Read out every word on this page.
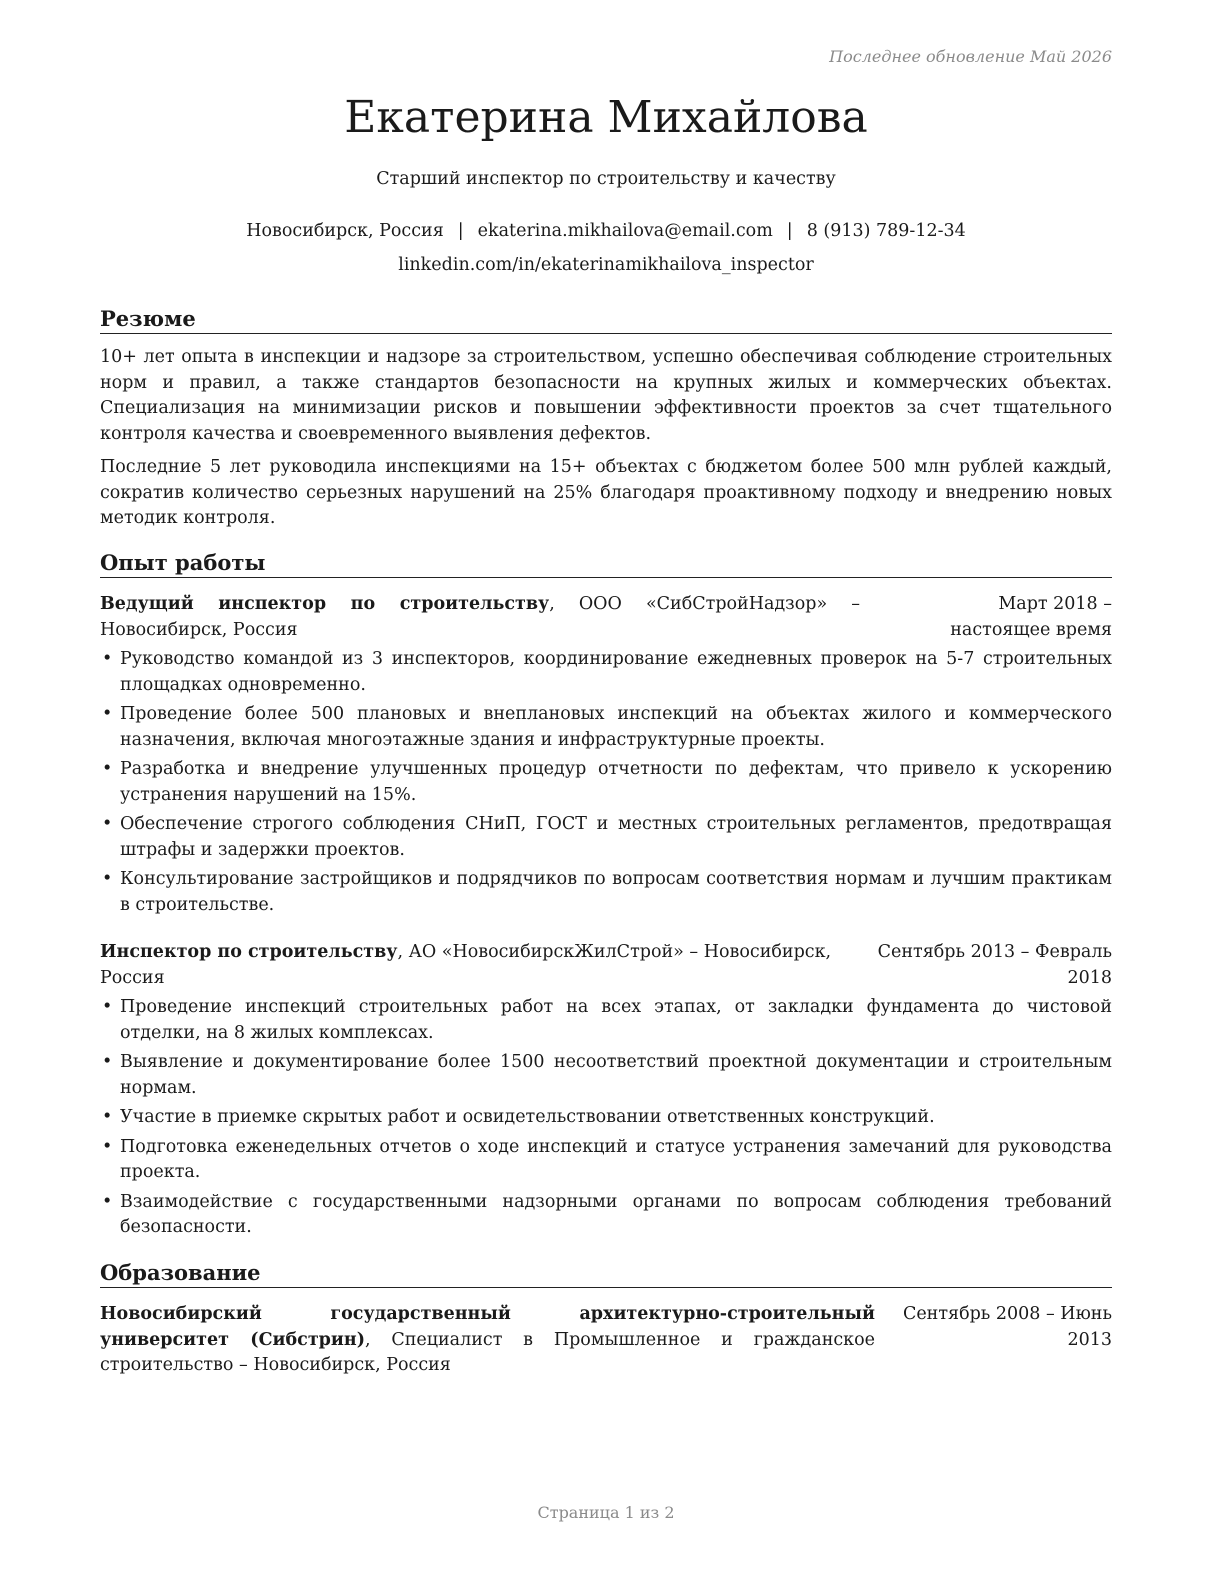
Последнее обновление Май 2026
Екатерина Михайлова
Старший инспектор по строительству и качеству
Новосибирск, Россия | ekaterina.mikhailova@email.com | 8 (913) 789-12-34
linkedin.com/in/ekaterinamikhailova_inspector
Резюме

10+ лет опыта в инспекции и надзоре за строительством, успешно обеспечивая соблюдение строительных норм и правил, а также стандартов безопасности на крупных жилых и коммерческих объектах. Специализация на минимизации рисков и повышении эффективности проектов за счет тщательного контроля качества и своевременного выявления дефектов.

Последние 5 лет руководила инспекциями на 15+ объектах с бюджетом более 500 млн рублей каждый, сократив количество серьезных нарушений на 25% благодаря проактивному подходу и внедрению новых методик контроля.

Опыт работы
Ведущий инспектор по строительству, ООО «СибСтройНадзор» – Новосибирск, Россия
Март 2018 – настоящее время
• Руководство командой из 3 инспекторов, координирование ежедневных проверок на 5-7 строительных площадках одновременно.
• Проведение более 500 плановых и внеплановых инспекций на объектах жилого и коммерческого назначения, включая многоэтажные здания и инфраструктурные проекты.
• Разработка и внедрение улучшенных процедур отчетности по дефектам, что привело к ускорению устранения нарушений на 15%.
• Обеспечение строгого соблюдения СНиП, ГОСТ и местных строительных регламентов, предотвращая штрафы и задержки проектов.
• Консультирование застройщиков и подрядчиков по вопросам соответствия нормам и лучшим практикам в строительстве.
Инспектор по строительству, АО «НовосибирскЖилСтрой» – Новосибирск, Россия
Сентябрь 2013 – Февраль 2018
• Проведение инспекций строительных работ на всех этапах, от закладки фундамента до чистовой отделки, на 8 жилых комплексах.
• Выявление и документирование более 1500 несоответствий проектной документации и строительным нормам.
• Участие в приемке скрытых работ и освидетельствовании ответственных конструкций.
• Подготовка еженедельных отчетов о ходе инспекций и статусе устранения замечаний для руководства проекта.
• Взаимодействие с государственными надзорными органами по вопросам соблюдения требований безопасности.
Образование
Новосибирский государственный архитектурно-строительный университет (Сибстрин), Специалист в Промышленное и гражданское строительство – Новосибирск, Россия
Сентябрь 2008 – Июнь 2013
Страница 1 из 2
